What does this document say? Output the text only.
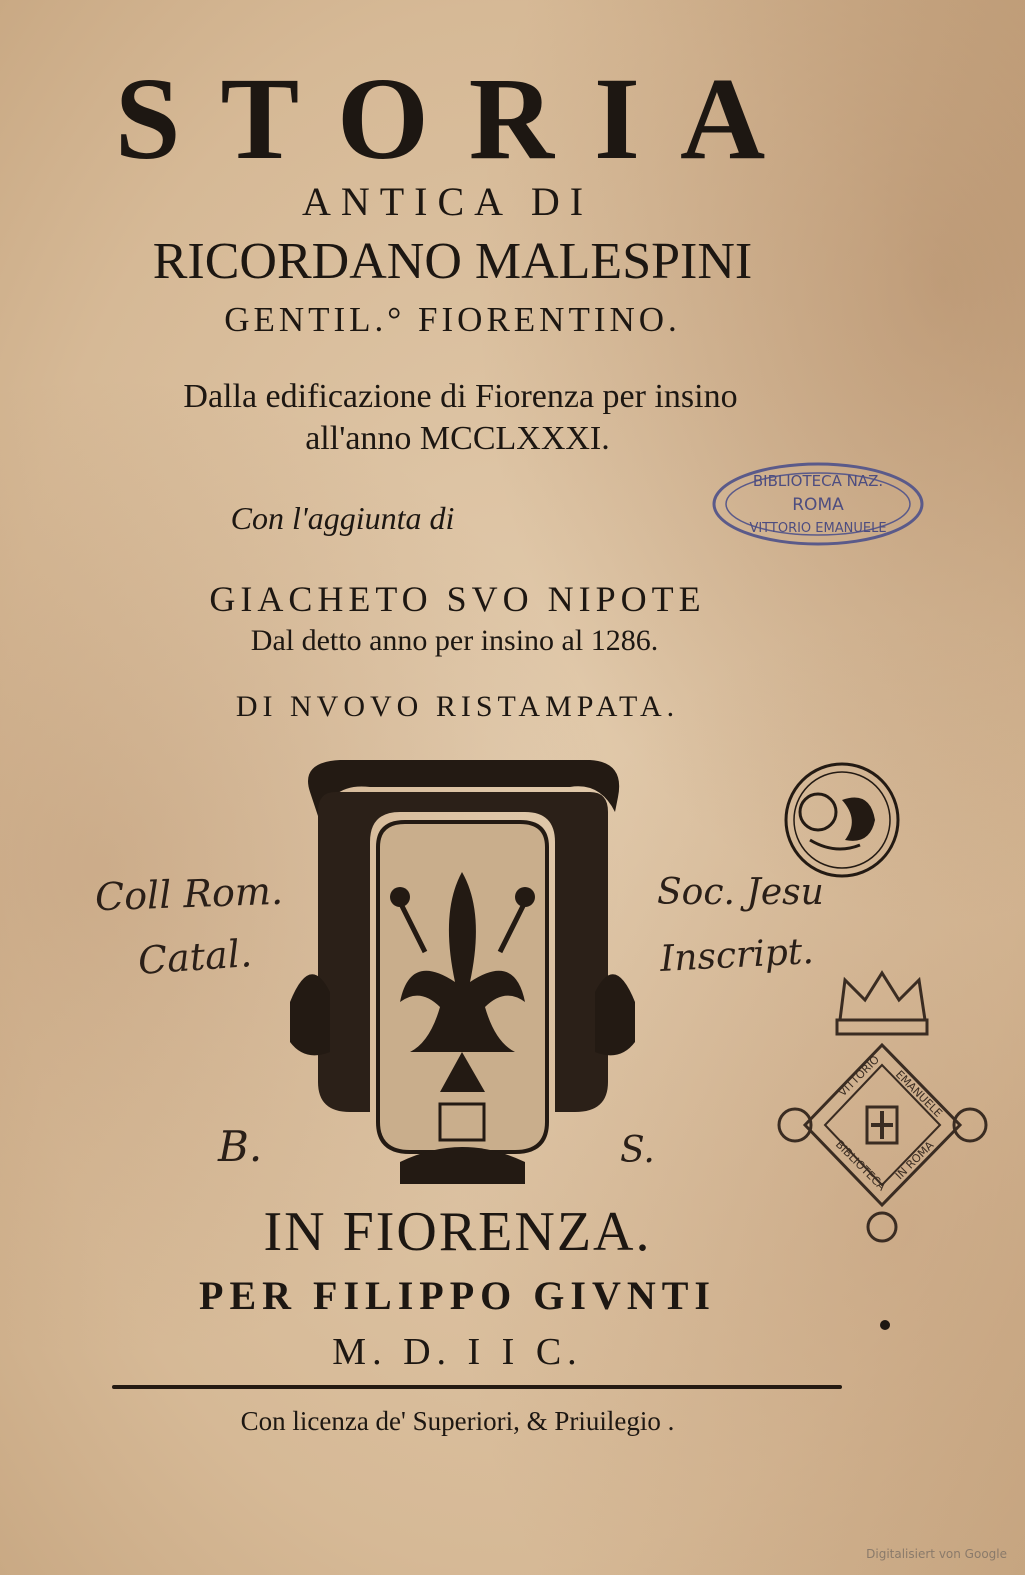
STORIA
ANTICA DI
RICORDANO MALESPINI
GENTIL.° FIORENTINO.
Dalla edificazione di Fiorenza per insino
all'anno MCCLXXXI.
Con l'aggiunta di
GIACHETO SVO NIPOTE
Dal detto anno per insino al 1286.
DI NVOVO RISTAMPATA.
BIBLIOTECA NAZ.
ROMA
VITTORIO EMANUELE
VITTORIO EMANUELE
BIBLIOTECA IN ROMA
Coll Rom.
Catal.
Soc. Jesu
Inscript.
B.	S.
IN FIORENZA.
PER FILIPPO GIVNTI
M. D. I I C.
Con licenza de' Superiori, & Priuilegio .
Digitalisiert von Google
